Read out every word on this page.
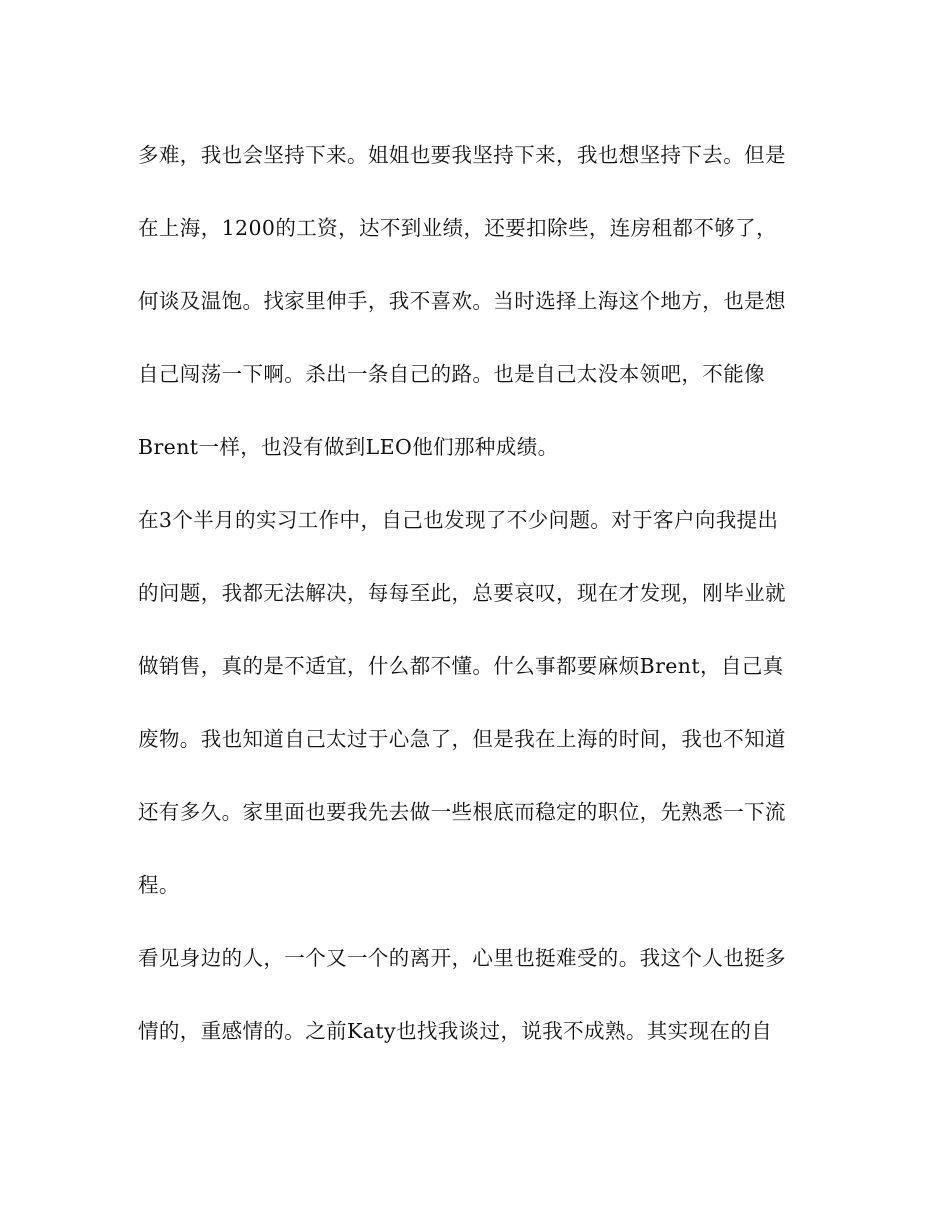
多难，我也会坚持下来。姐姐也要我坚持下来，我也想坚持下去。但是
在上海，1200的工资，达不到业绩，还要扣除些，连房租都不够了，
何谈及温饱。找家里伸手，我不喜欢。当时选择上海这个地方，也是想
自己闯荡一下啊。杀出一条自己的路。也是自己太没本领吧，不能像
Brent一样，也没有做到LEO他们那种成绩。
在3个半月的实习工作中，自己也发现了不少问题。对于客户向我提出
的问题，我都无法解决，每每至此，总要哀叹，现在才发现，刚毕业就
做销售，真的是不适宜，什么都不懂。什么事都要麻烦Brent，自己真
废物。我也知道自己太过于心急了，但是我在上海的时间，我也不知道
还有多久。家里面也要我先去做一些根底而稳定的职位，先熟悉一下流
程。
看见身边的人，一个又一个的离开，心里也挺难受的。我这个人也挺多
情的，重感情的。之前Katy也找我谈过，说我不成熟。其实现在的自
